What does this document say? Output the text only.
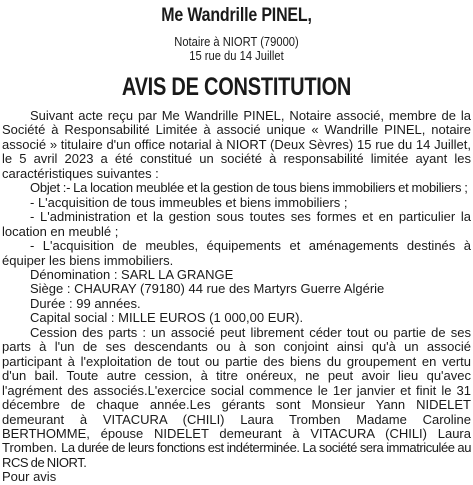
Me Wandrille PINEL,
Notaire à NIORT (79000)
15 rue du 14 Juillet
AVIS DE CONSTITUTION

Suivant acte reçu par Me Wandrille PINEL, Notaire associé, membre de la Société à Responsabilité Limitée à associé unique « Wandrille PINEL, notaire associé » titulaire d'un office notarial à NIORT (Deux Sèvres) 15 rue du 14 Juillet, le 5 avril 2023 a été constitué un société à responsabilité limitée ayant les caractéristiques suivantes :

Objet :- La location meublée et la gestion de tous biens immobiliers et mobiliers ;

- L'acquisition de tous immeubles et biens immobiliers ;

- L'administration et la gestion sous toutes ses formes et en particulier la location en meublé ;

- L'acquisition de meubles, équipements et aménagements destinés à équiper les biens immobiliers.

Dénomination : SARL LA GRANGE

Siège : CHAURAY (79180) 44 rue des Martyrs Guerre Algérie

Durée : 99 années.

Capital social : MILLE EUROS (1 000,00 EUR).

Cession des parts : un associé peut librement céder tout ou partie de ses parts à l'un de ses descendants ou à son conjoint ainsi qu'à un associé participant à l'exploitation de tout ou partie des biens du groupement en vertu d'un bail. Toute autre cession, à titre onéreux, ne peut avoir lieu qu'avec l'agrément des associés.L'exercice social commence le 1er janvier et finit le 31 décembre de chaque année.Les gérants sont Monsieur Yann NIDELET demeurant à VITACURA (CHILI) Laura Tromben Madame Caroline BERTHOMME, épouse NIDELET demeurant à VITACURA (CHILI) Laura Tromben. La durée de leurs fonctions est indéterminée. La société sera immatriculée au RCS de NIORT.

Pour avis
